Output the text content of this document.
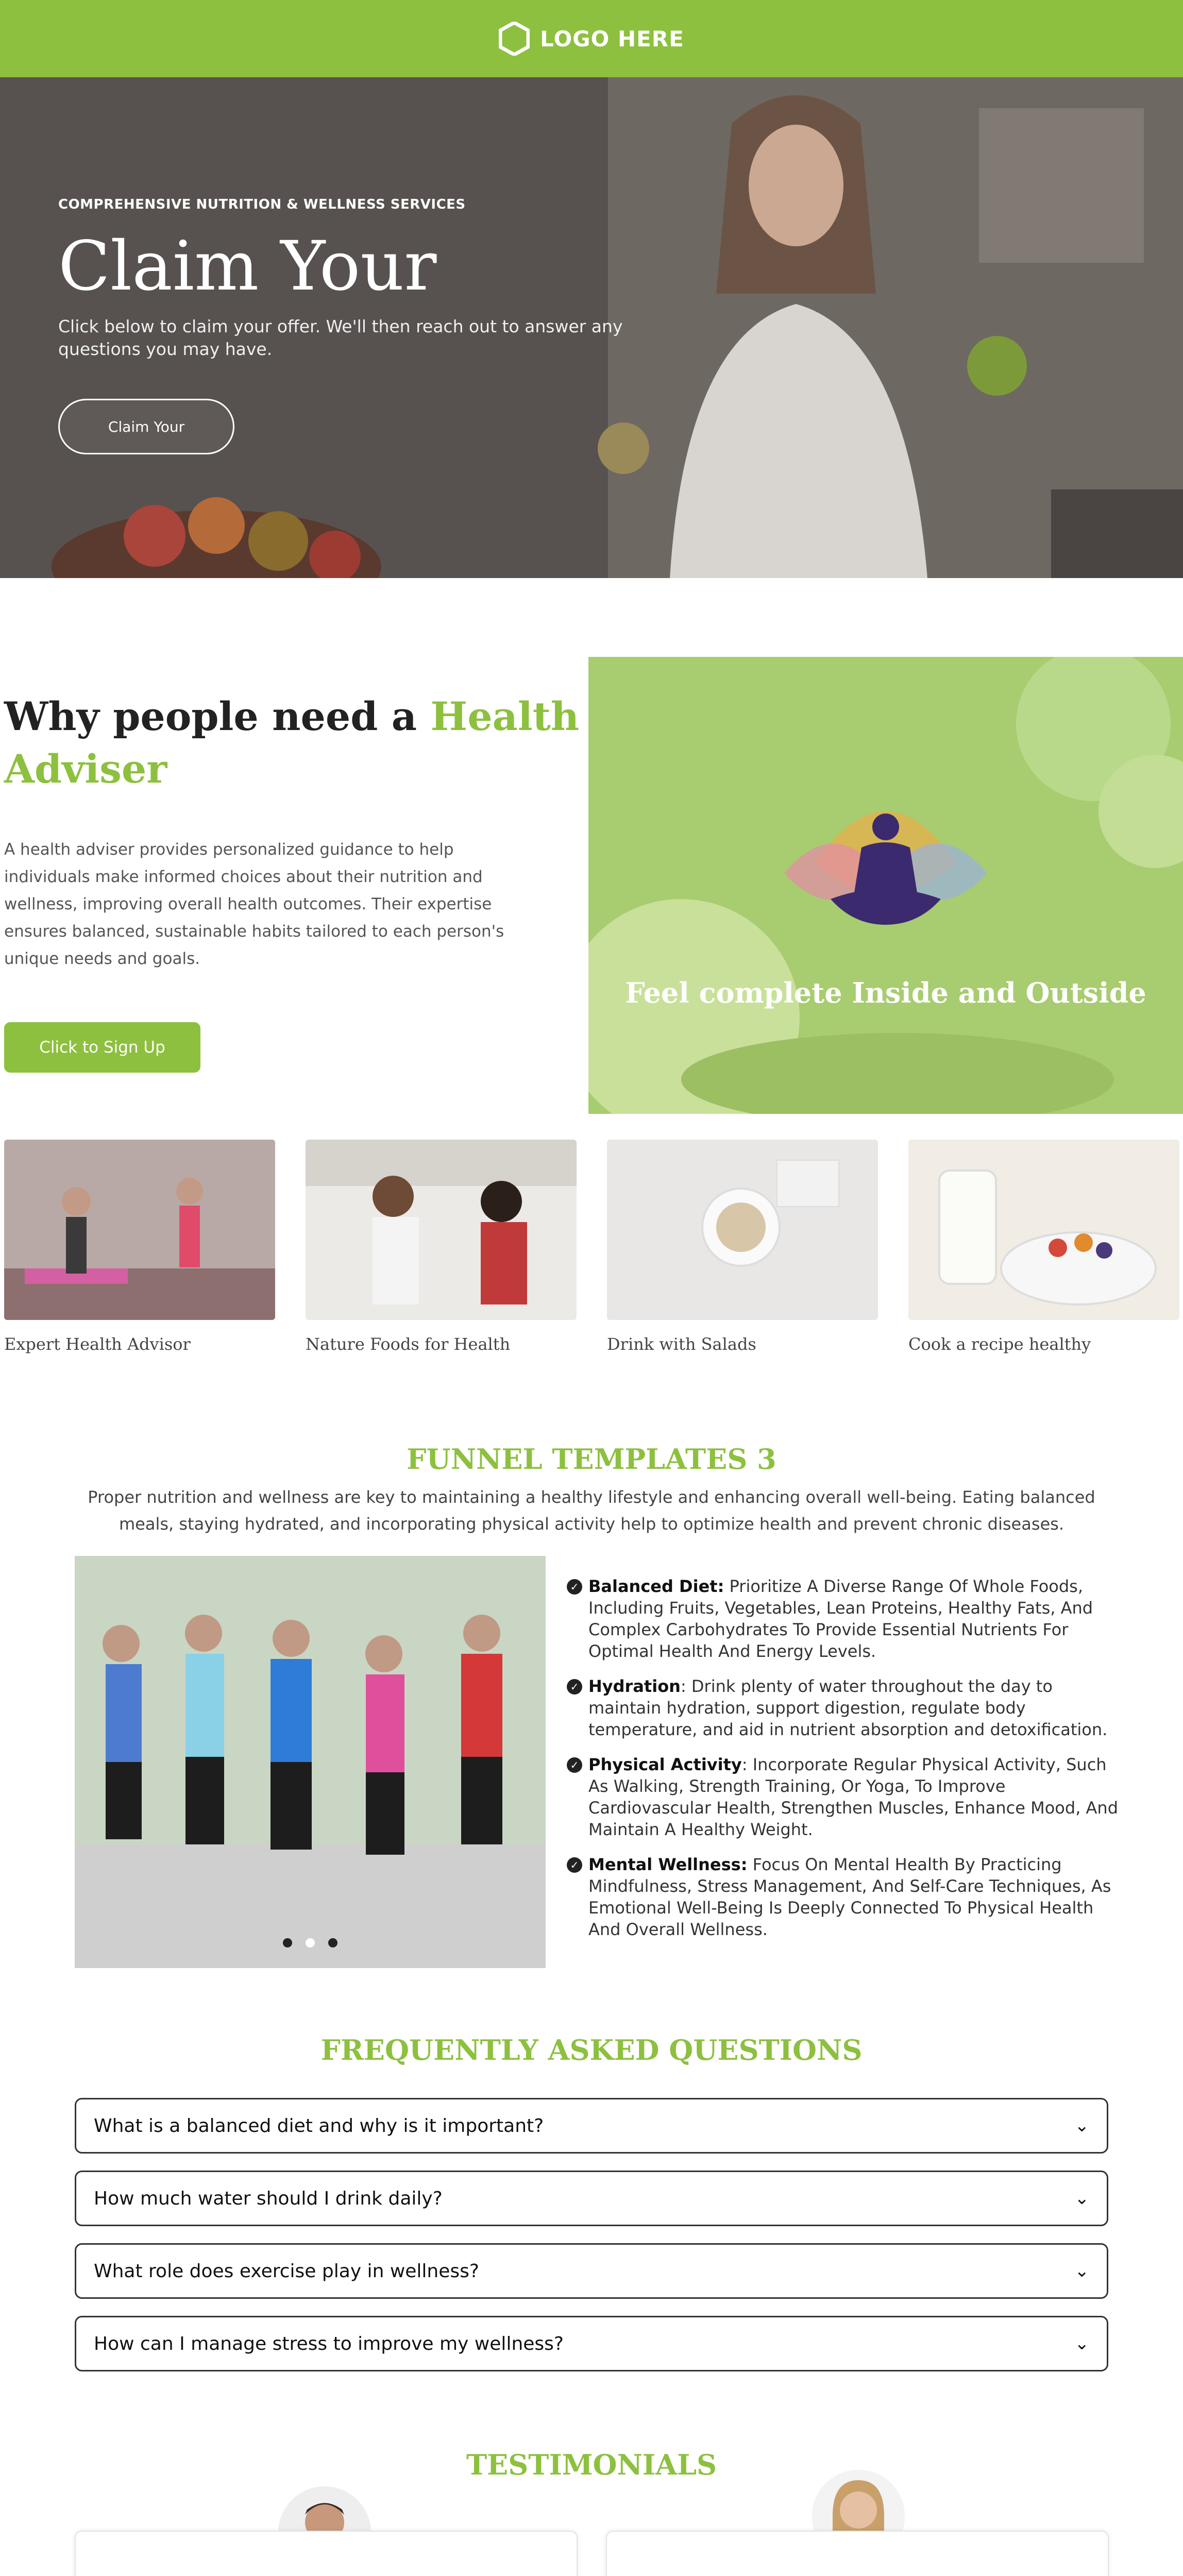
LOGO HERE
COMPREHENSIVE NUTRITION & WELLNESS SERVICES
Claim Your
Click below to claim your offer. We'll then reach out to answer any questions you may have.
Claim Your
Why people need a Health
Adviser
A health adviser provides personalized guidance to help individuals make informed choices about their nutrition and wellness, improving overall health outcomes. Their expertise ensures balanced, sustainable habits tailored to each person's unique needs and goals.
Click to Sign Up
Feel complete Inside and Outside
Expert Health Advisor	Nature Foods for Health	Drink with Salads	Cook a recipe healthy
FUNNEL TEMPLATES 3
Proper nutrition and wellness are key to maintaining a healthy lifestyle and enhancing overall well-being. Eating balanced meals, staying hydrated, and incorporating physical activity help to optimize health and prevent chronic diseases.
✓ Balanced Diet: Prioritize A Diverse Range Of Whole Foods, Including Fruits, Vegetables, Lean Proteins, Healthy Fats, And Complex Carbohydrates To Provide Essential Nutrients For Optimal Health And Energy Levels.
✓ Hydration: Drink plenty of water throughout the day to maintain hydration, support digestion, regulate body temperature, and aid in nutrient absorption and detoxification.
✓ Physical Activity: Incorporate Regular Physical Activity, Such As Walking, Strength Training, Or Yoga, To Improve Cardiovascular Health, Strengthen Muscles, Enhance Mood, And Maintain A Healthy Weight.
✓ Mental Wellness: Focus On Mental Health By Practicing Mindfulness, Stress Management, And Self-Care Techniques, As Emotional Well-Being Is Deeply Connected To Physical Health And Overall Wellness.
FREQUENTLY ASKED QUESTIONS
What is a balanced diet and why is it important?	⌄
How much water should I drink daily?	⌄
What role does exercise play in wellness?	⌄
How can I manage stress to improve my wellness?	⌄
TESTIMONIALS
